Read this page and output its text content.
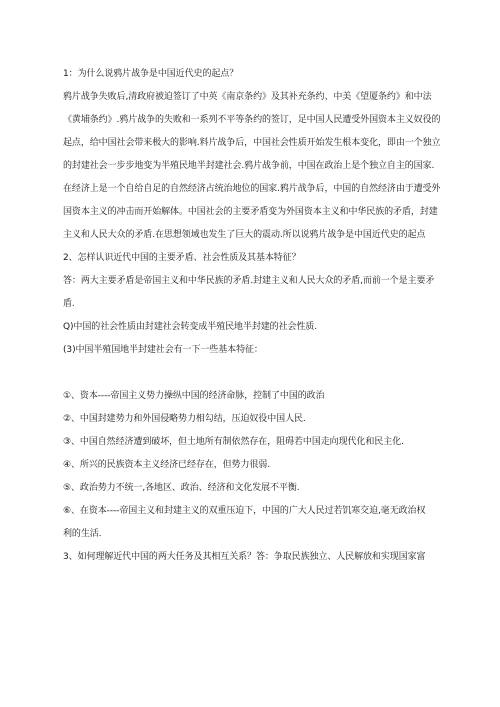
1：为什么说鸦片战争是中国近代史的起点？
鸦片战争失败后,清政府被迫签订了中英《南京条约》及其补充条约、中美《望厦条约》和中法
《黄埔条约》.鸦片战争的失败和一系列不平等条约的签订，足中国人民遭受外国资本主义奴役的
起点，给中国社会带来极大的影响.料片战争后，中国社会性质开始发生根本变化，即由一个独立
的封建社会一步步地变为半殖民地半封建社会.鸦片战争前，中国在政治上是个独立自主的国家.
在经济上是一个自给自足的自然经济占统治地位的国家.鸦片战争后，中国的自然经济由于遭受外
国资本主义的冲击而开始解体。中国社会的主要矛盾变为外国资本主义和中华民族的矛盾，封建
主义和人民大众的矛盾.在思想领域也发生了巨大的震动.所以说鸦片战争是中国近代史的起点
2、怎样认识近代中国的主要矛盾、社会性质及其基本特征？
答：两大主要矛盾是帝国主义和中华民族的矛盾.封建主义和人民大众的矛盾,而前一个是主要矛
盾.
Q)中国的社会性质由封建社会转变成半殖民地半封建的社会性质.
(3)中国半殖国地半封建社会有一下一些基本特征：
①、资本----帝国主义势力操纵中国的经济命脉，控制了中国的政治
②、中国封建势力和外国侵略势力相勾结，压迫奴役中国人民.
③、中国自然经济遭到破坏，但土地所有制依然存在，阻碍若中国走向现代化和民主化.
④、所兴的民族资本主义经济已经存在，但势力很弱.
⑤、政治势力不统一,各地区、政治、经济和文化发展不平衡.
⑥、在资本----帝国主义和封建主义的双重压迫下，中国的广大人民过若饥寒交迫,毫无政治权
利的生活.
3、如何理解近代中国的两大任务及其相互关系？答：争取民族独立、人民解放和实现国家富
